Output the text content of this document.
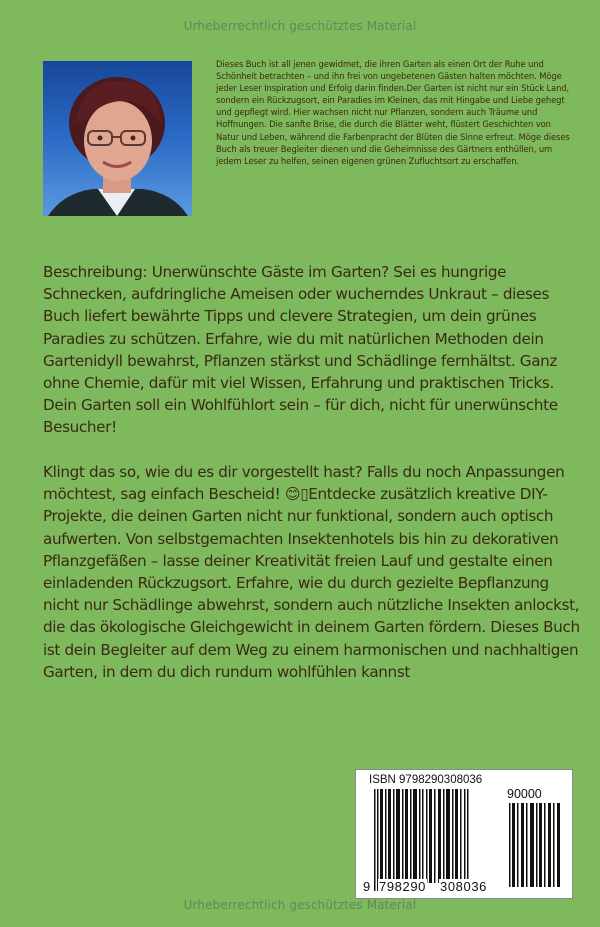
Urheberrechtlich geschütztes Material
Dieses Buch ist all jenen gewidmet, die ihren Garten als einen Ort der Ruhe und Schönheit betrachten – und ihn frei von ungebetenen Gästen halten möchten. Möge jeder Leser Inspiration und Erfolg darin finden.Der Garten ist nicht nur ein Stück Land, sondern ein Rückzugsort, ein Paradies im Kleinen, das mit Hingabe und Liebe gehegt und gepflegt wird. Hier wachsen nicht nur Pflanzen, sondern auch Träume und Hoffnungen. Die sanfte Brise, die durch die Blätter weht, flüstert Geschichten von Natur und Leben, während die Farbenpracht der Blüten die Sinne erfreut. Möge dieses Buch als treuer Begleiter dienen und die Geheimnisse des Gärtners enthüllen, um jedem Leser zu helfen, seinen eigenen grünen Zufluchtsort zu erschaffen.
Beschreibung: Unerwünschte Gäste im Garten? Sei es hungrige Schnecken, aufdringliche Ameisen oder wucherndes Unkraut – dieses Buch liefert bewährte Tipps und clevere Strategien, um dein grünes Paradies zu schützen. Erfahre, wie du mit natürlichen Methoden dein Gartenidyll bewahrst, Pflanzen stärkst und Schädlinge fernhältst. Ganz ohne Chemie, dafür mit viel Wissen, Erfahrung und praktischen Tricks. Dein Garten soll ein Wohlfühlort sein – für dich, nicht für unerwünschte Besucher!
Klingt das so, wie du es dir vorgestellt hast? Falls du noch Anpassungen möchtest, sag einfach Bescheid! 😊▯Entdecke zusätzlich kreative DIY-Projekte, die deinen Garten nicht nur funktional, sondern auch optisch aufwerten. Von selbstgemachten Insektenhotels bis hin zu dekorativen Pflanzgefäßen – lasse deiner Kreativität freien Lauf und gestalte einen einladenden Rückzugsort. Erfahre, wie du durch gezielte Bepflanzung nicht nur Schädlinge abwehrst, sondern auch nützliche Insekten anlockst, die das ökologische Gleichgewicht in deinem Garten fördern. Dieses Buch ist dein Begleiter auf dem Weg zu einem harmonischen und nachhaltigen Garten, in dem du dich rundum wohlfühlen kannst
ISBN 9798290308036
90000
9 798290 308036
Urheberrechtlich geschütztes Material
